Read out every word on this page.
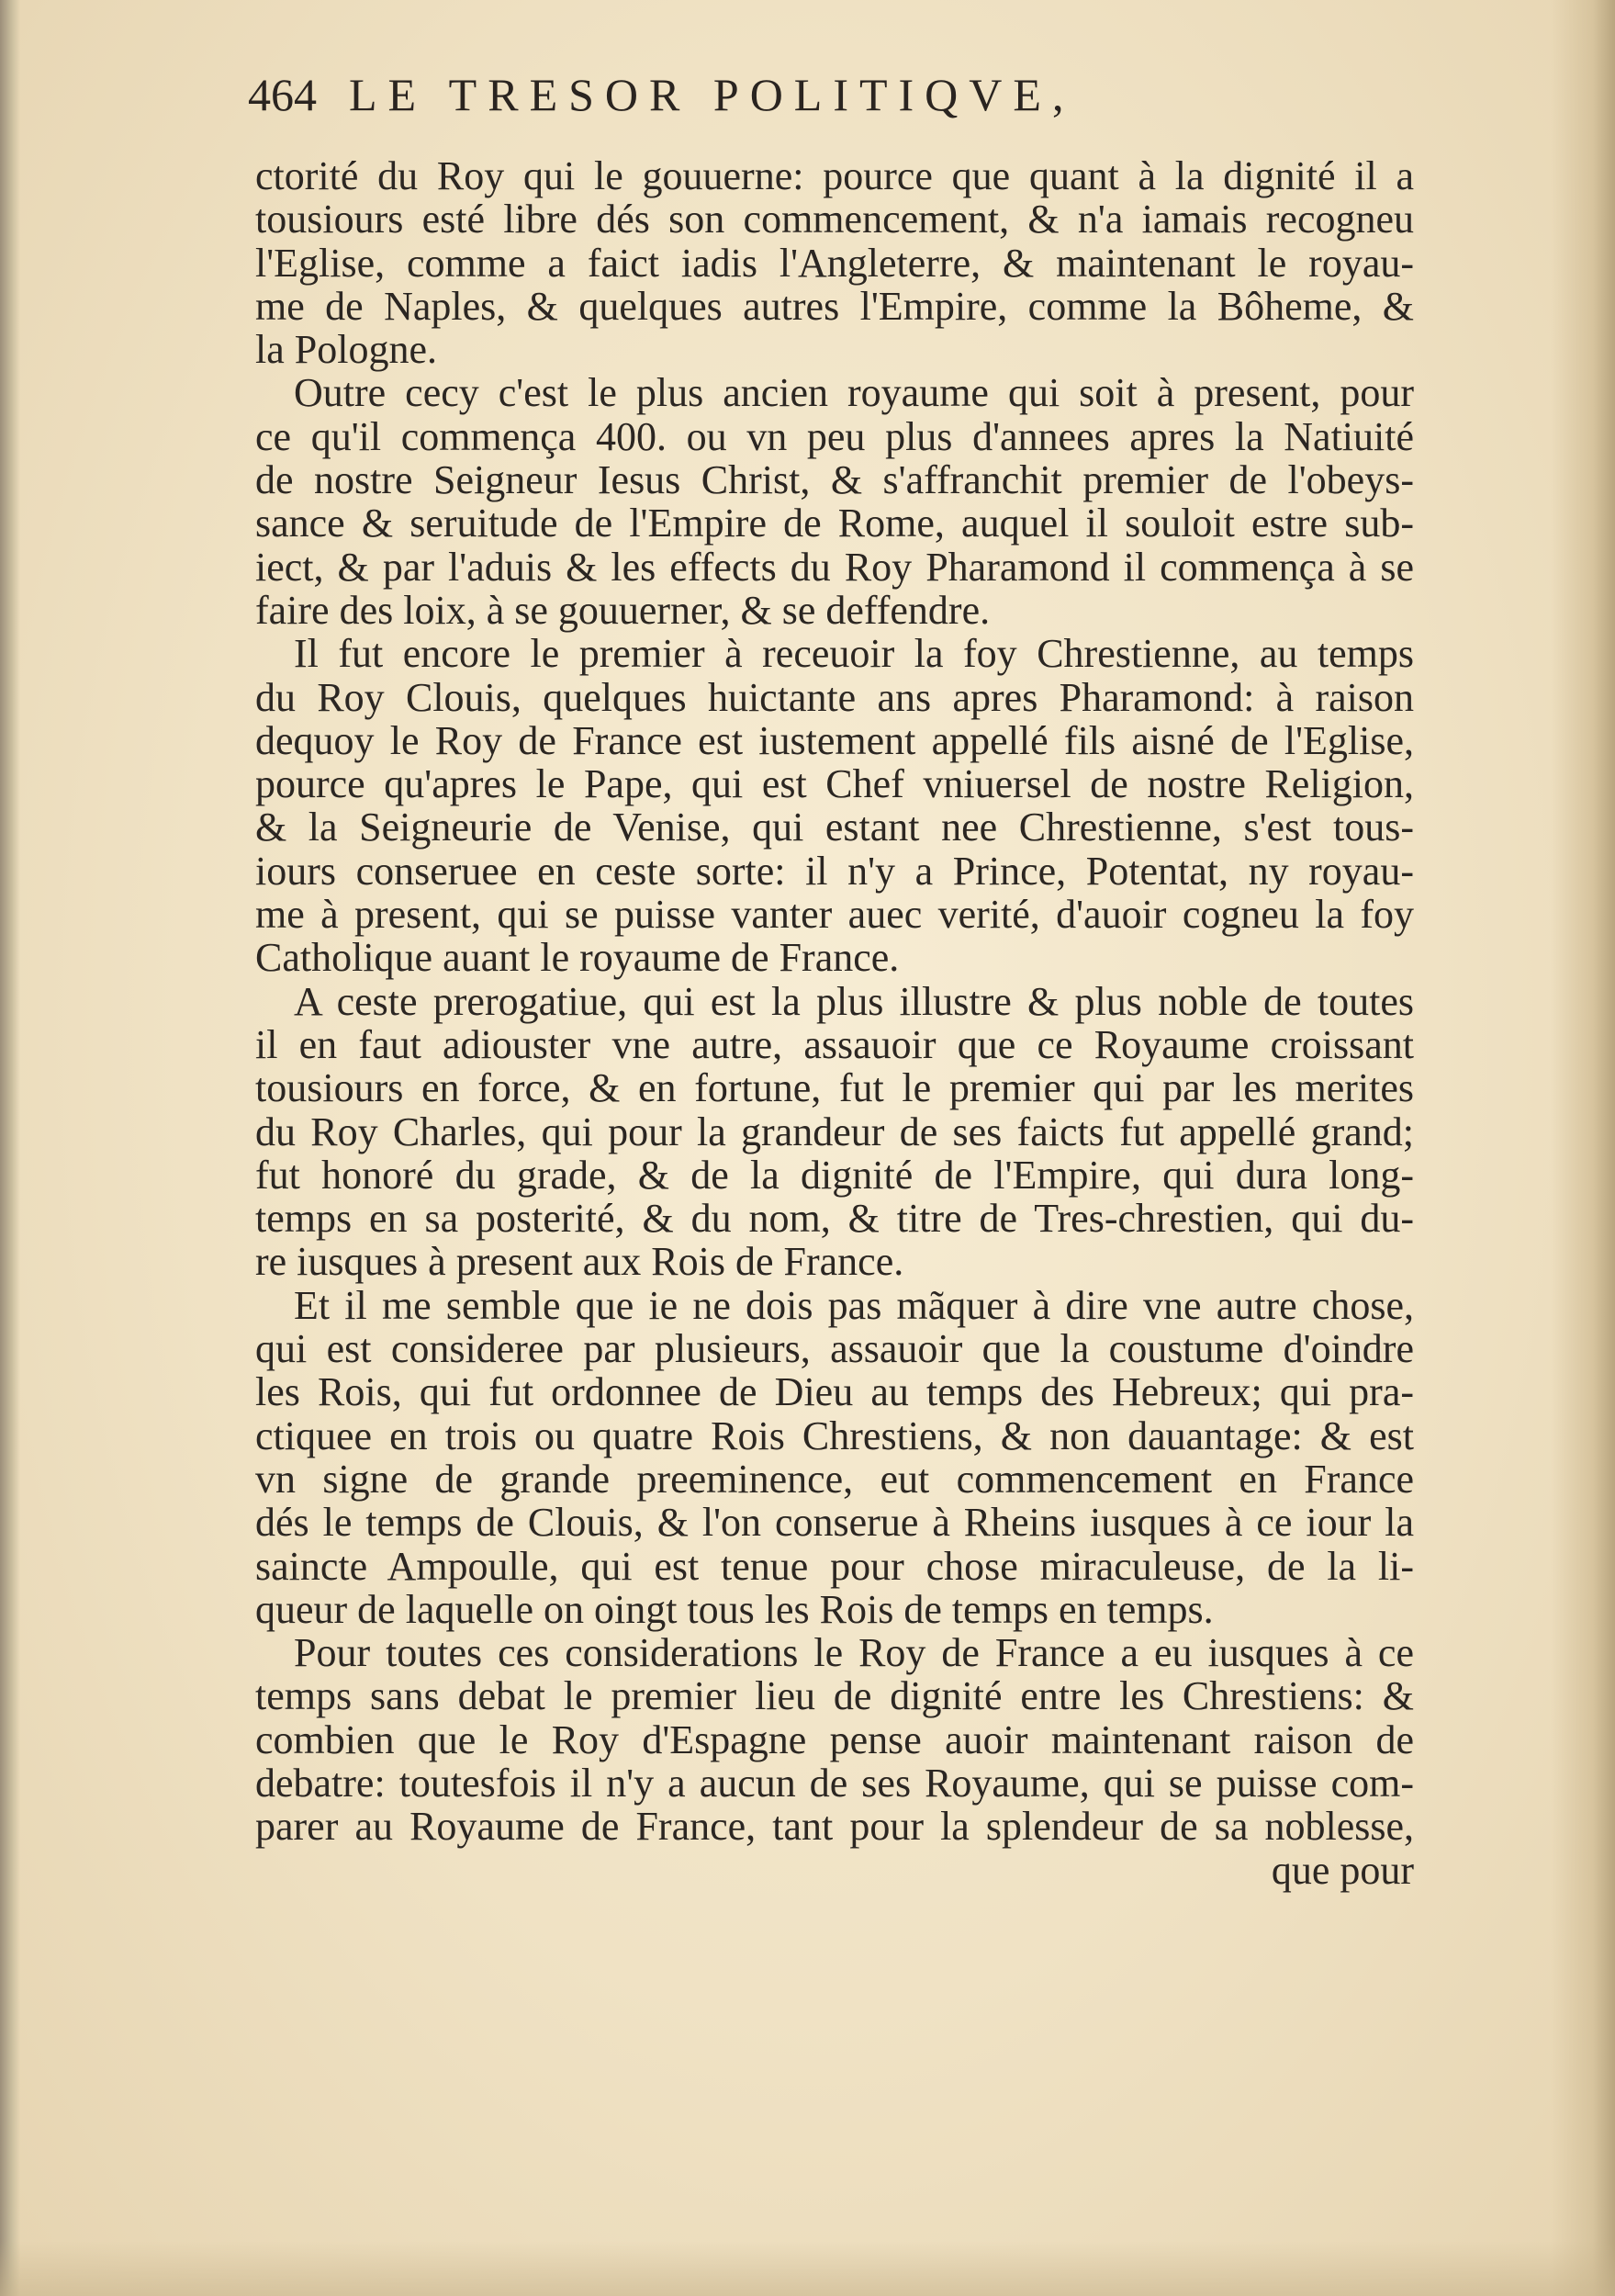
464 LE TRESOR POLITIQVE,
ctorité du Roy qui le gouuerne: pource que quant à la dignité il a
tousiours esté libre dés son commencement, & n'a iamais recogneu
l'Eglise, comme a faict iadis l'Angleterre, & maintenant le royau-
me de Naples, & quelques autres l'Empire, comme la Bôheme, &
la Pologne.
Outre cecy c'est le plus ancien royaume qui soit à present, pour
ce qu'il commença 400. ou vn peu plus d'annees apres la Natiuité
de nostre Seigneur Iesus Christ, & s'affranchit premier de l'obeys-
sance & seruitude de l'Empire de Rome, auquel il souloit estre sub-
iect, & par l'aduis & les effects du Roy Pharamond il commença à se
faire des loix, à se gouuerner, & se deffendre.
Il fut encore le premier à receuoir la foy Chrestienne, au temps
du Roy Clouis, quelques huictante ans apres Pharamond: à raison
dequoy le Roy de France est iustement appellé fils aisné de l'Eglise,
pource qu'apres le Pape, qui est Chef vniuersel de nostre Religion,
& la Seigneurie de Venise, qui estant nee Chrestienne, s'est tous-
iours conseruee en ceste sorte: il n'y a Prince, Potentat, ny royau-
me à present, qui se puisse vanter auec verité, d'auoir cogneu la foy
Catholique auant le royaume de France.
A ceste prerogatiue, qui est la plus illustre & plus noble de toutes
il en faut adiouster vne autre, assauoir que ce Royaume croissant
tousiours en force, & en fortune, fut le premier qui par les merites
du Roy Charles, qui pour la grandeur de ses faicts fut appellé grand;
fut honoré du grade, & de la dignité de l'Empire, qui dura long-
temps en sa posterité, & du nom, & titre de Tres-chrestien, qui du-
re iusques à present aux Rois de France.
Et il me semble que ie ne dois pas mãquer à dire vne autre chose,
qui est consideree par plusieurs, assauoir que la coustume d'oindre
les Rois, qui fut ordonnee de Dieu au temps des Hebreux; qui pra-
ctiquee en trois ou quatre Rois Chrestiens, & non dauantage: & est
vn signe de grande preeminence, eut commencement en France
dés le temps de Clouis, & l'on conserue à Rheins iusques à ce iour la
saincte Ampoulle, qui est tenue pour chose miraculeuse, de la li-
queur de laquelle on oingt tous les Rois de temps en temps.
Pour toutes ces considerations le Roy de France a eu iusques à ce
temps sans debat le premier lieu de dignité entre les Chrestiens: &
combien que le Roy d'Espagne pense auoir maintenant raison de
debatre: toutesfois il n'y a aucun de ses Royaume, qui se puisse com-
parer au Royaume de France, tant pour la splendeur de sa noblesse,
que pour
